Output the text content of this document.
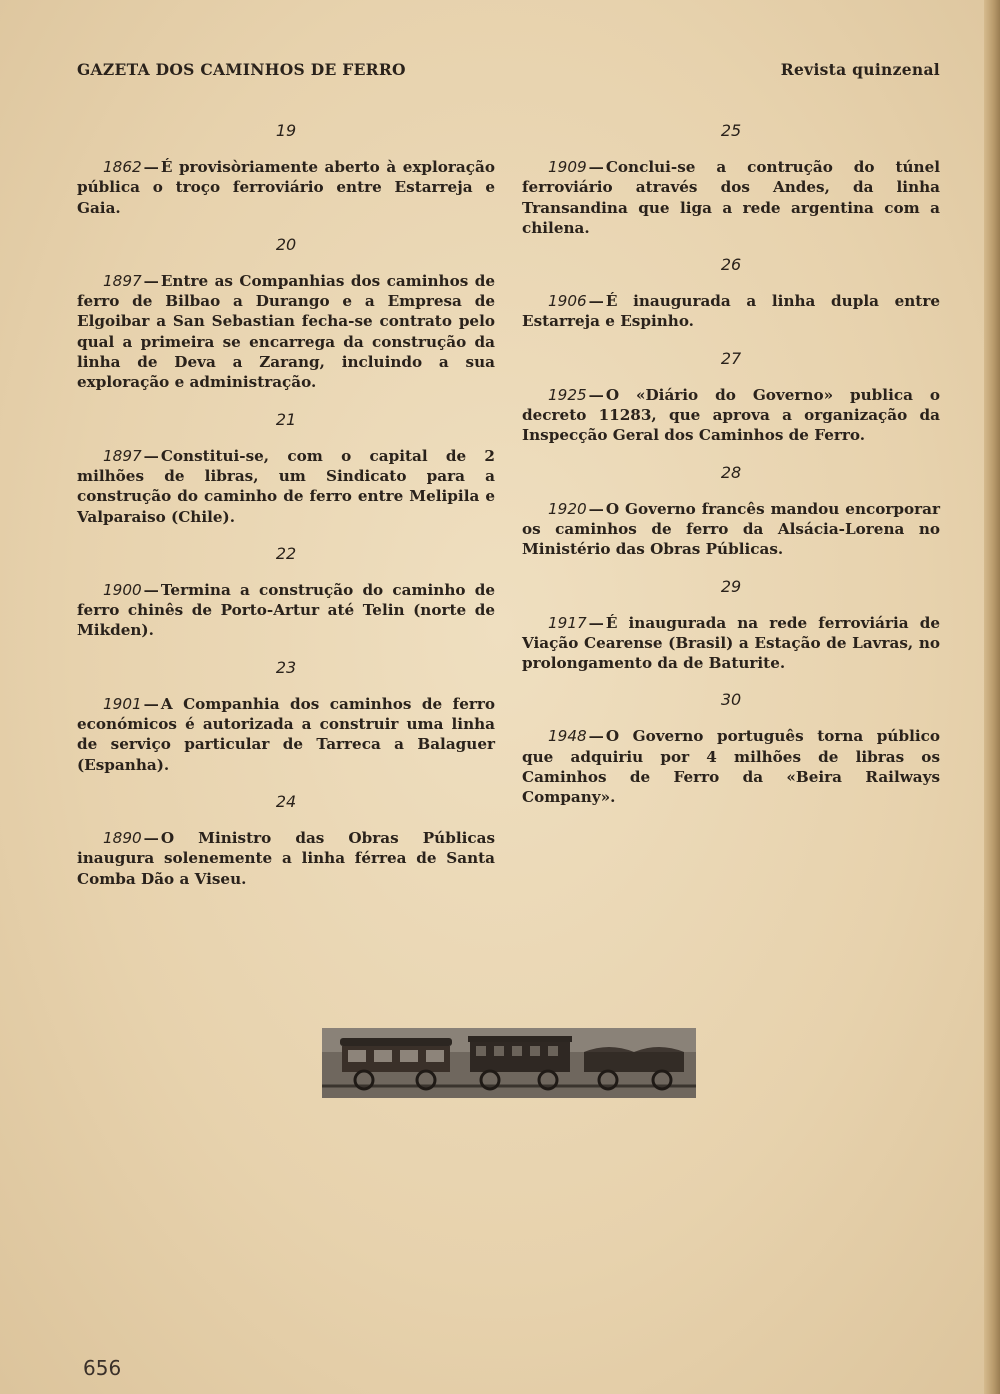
GAZETA DOS CAMINHOS DE FERRO	Revista quinzenal
19

1862 — É provisòriamente aberto à exploração pública o troço ferroviário entre Estarreja e Gaia.

20

1897 — Entre as Companhias dos caminhos de ferro de Bilbao a Durango e a Empresa de Elgoibar a San Sebastian fecha-se contrato pelo qual a primeira se encarrega da construção da linha de Deva a Zarang, incluindo a sua exploração e administração.

21

1897 — Constitui-se, com o capital de 2 milhões de libras, um Sindicato para a construção do caminho de ferro entre Melipila e Valparaiso (Chile).

22

1900 — Termina a construção do caminho de ferro chinês de Porto-Artur até Telin (norte de Mikden).

23

1901 — A Companhia dos caminhos de ferro económicos é autorizada a construir uma linha de serviço particular de Tarreca a Balaguer (Espanha).

24

1890 — O Ministro das Obras Públicas inaugura solenemente a linha férrea de Santa Comba Dão a Viseu.

25

1909 — Conclui-se a contrução do túnel ferroviário através dos Andes, da linha Transandina que liga a rede argentina com a chilena.

26

1906 — É inaugurada a linha dupla entre Estarreja e Espinho.

27

1925 — O «Diário do Governo» publica o decreto 11283, que aprova a organização da Inspecção Geral dos Caminhos de Ferro.

28

1920 — O Governo francês mandou encorporar os caminhos de ferro da Alsácia-Lorena no Ministério das Obras Públicas.

29

1917 — É inaugurada na rede ferroviária de Viação Cearense (Brasil) a Estação de Lavras, no prolongamento da de Baturite.

30

1948 — O Governo português torna público que adquiriu por 4 milhões de libras os Caminhos de Ferro da «Beira Railways Company».

656
